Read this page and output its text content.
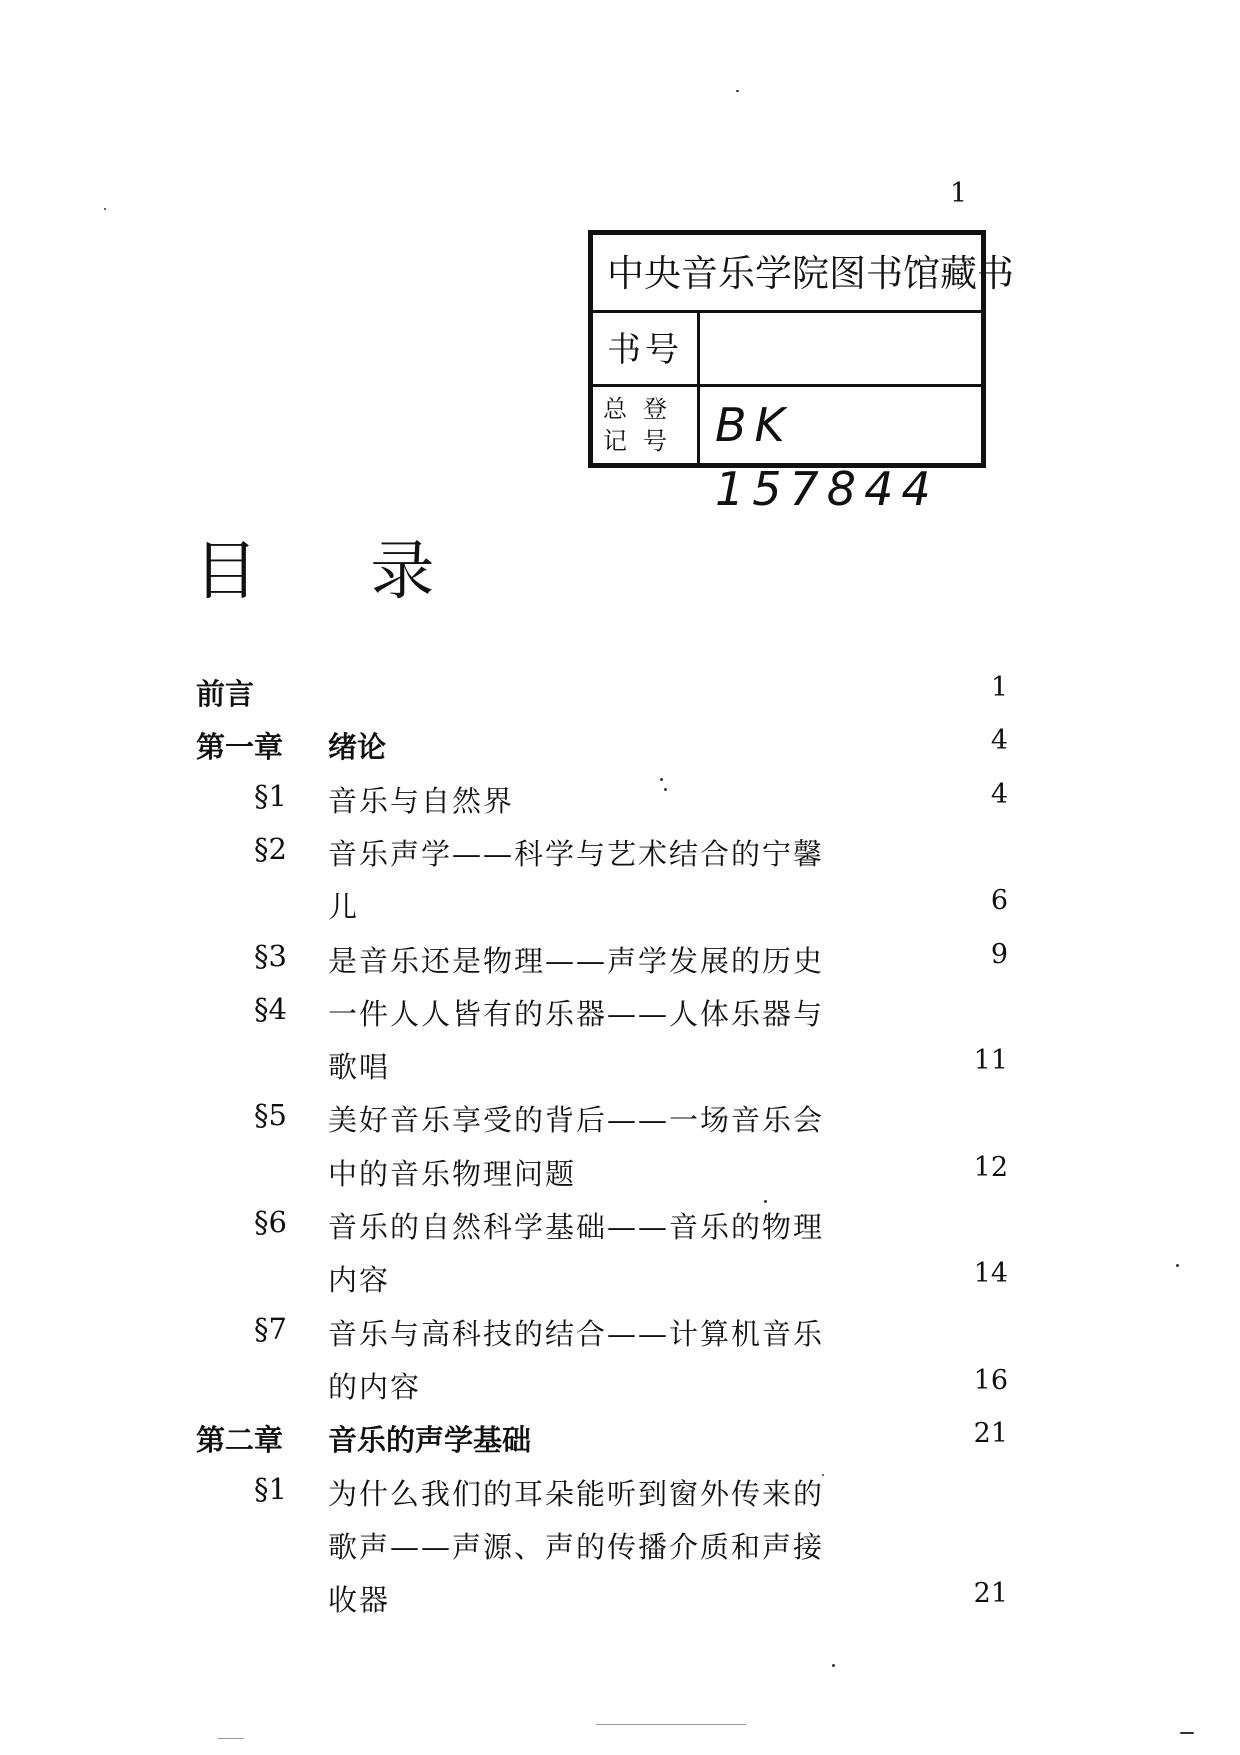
1
中央音乐学院图书馆藏书
书号
总登记号 BK 157844
目 录
前言	1
第一章 绪论	4
§1 音乐与自然界	4
§2 音乐声学——科学与艺术结合的宁馨
儿	6
§3 是音乐还是物理——声学发展的历史	9
§4 一件人人皆有的乐器——人体乐器与
歌唱	11
§5 美好音乐享受的背后——一场音乐会
中的音乐物理问题	12
§6 音乐的自然科学基础——音乐的物理
内容	14
§7 音乐与高科技的结合——计算机音乐
的内容	16
第二章 音乐的声学基础	21
§1 为什么我们的耳朵能听到窗外传来的
歌声——声源、声的传播介质和声接
收器	21
